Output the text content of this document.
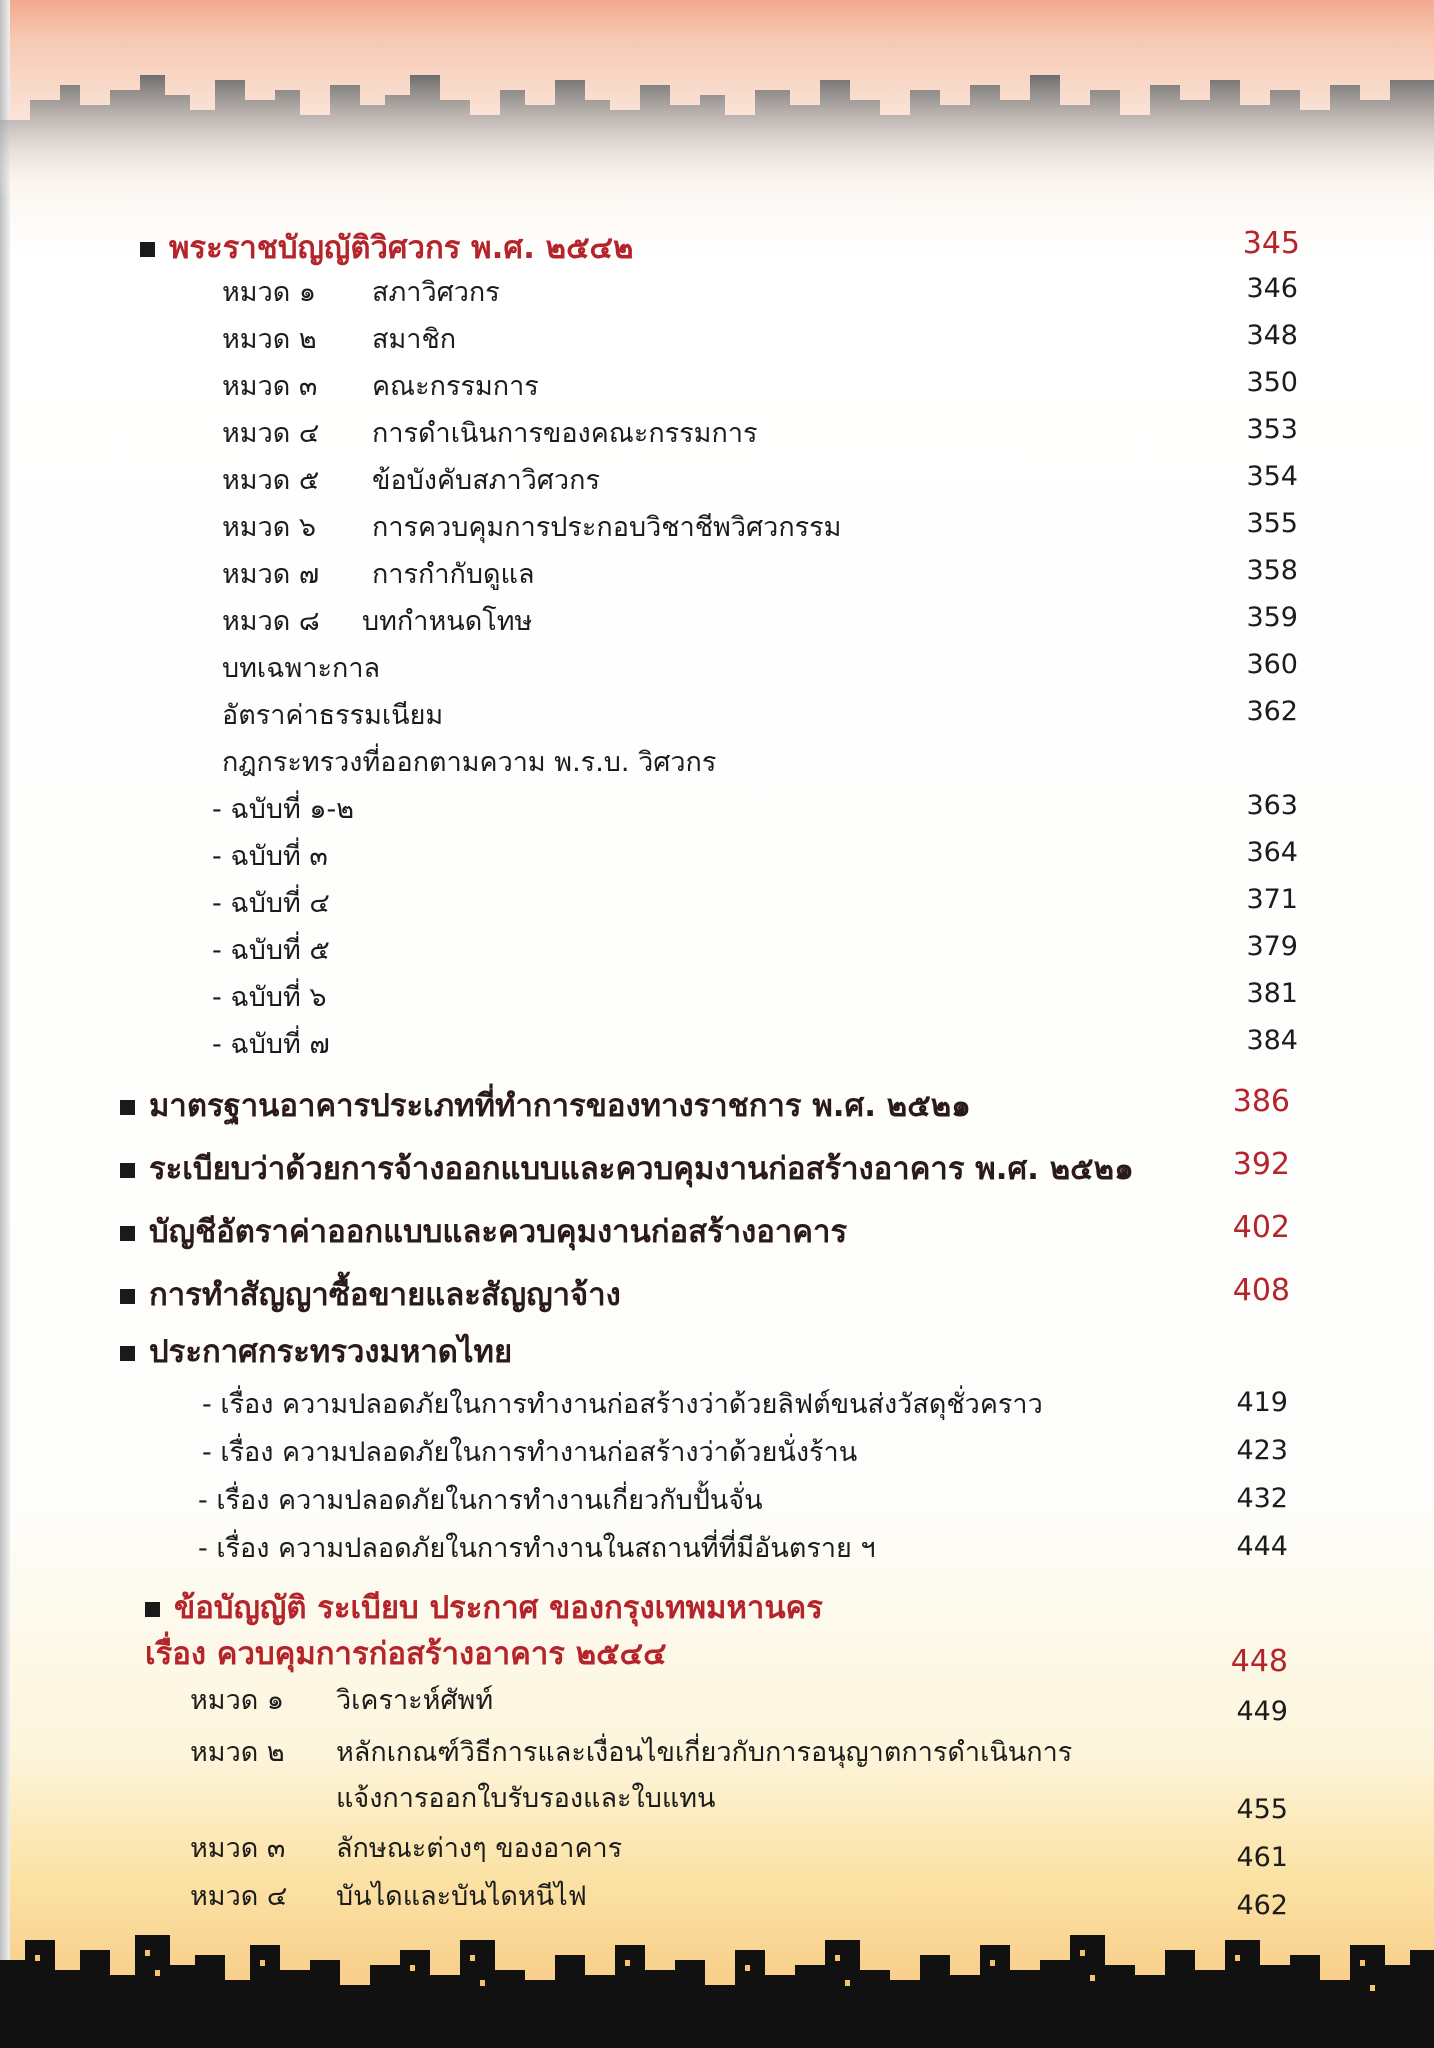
พระราชบัญญัติวิศวกร พ.ศ. ๒๕๔๒	345
หมวด ๑ สภาวิศวกร	346
หมวด ๒ สมาชิก	348
หมวด ๓ คณะกรรมการ	350
หมวด ๔ การดำเนินการของคณะกรรมการ	353
หมวด ๕ ข้อบังคับสภาวิศวกร	354
หมวด ๖ การควบคุมการประกอบวิชาชีพวิศวกรรม	355
หมวด ๗ การกำกับดูแล	358
หมวด ๘ บทกำหนดโทษ	359
บทเฉพาะกาล	360
อัตราค่าธรรมเนียม	362
กฎกระทรวงที่ออกตามความ พ.ร.บ. วิศวกร
- ฉบับที่ ๑-๒	363
- ฉบับที่ ๓	364
- ฉบับที่ ๔	371
- ฉบับที่ ๕	379
- ฉบับที่ ๖	381
- ฉบับที่ ๗	384
มาตรฐานอาคารประเภทที่ทำการของทางราชการ พ.ศ. ๒๕๒๑	386
ระเบียบว่าด้วยการจ้างออกแบบและควบคุมงานก่อสร้างอาคาร พ.ศ. ๒๕๒๑	392
บัญชีอัตราค่าออกแบบและควบคุมงานก่อสร้างอาคาร	402
การทำสัญญาซื้อขายและสัญญาจ้าง	408
ประกาศกระทรวงมหาดไทย
- เรื่อง ความปลอดภัยในการทำงานก่อสร้างว่าด้วยลิฟต์ขนส่งวัสดุชั่วคราว	419
- เรื่อง ความปลอดภัยในการทำงานก่อสร้างว่าด้วยนั่งร้าน	423
- เรื่อง ความปลอดภัยในการทำงานเกี่ยวกับปั้นจั่น	432
- เรื่อง ความปลอดภัยในการทำงานในสถานที่ที่มีอันตราย ฯ	444
ข้อบัญญัติ ระเบียบ ประกาศ ของกรุงเทพมหานคร
เรื่อง ควบคุมการก่อสร้างอาคาร ๒๕๔๔	448
หมวด ๑ วิเคราะห์ศัพท์	449
หมวด ๒ หลักเกณฑ์วิธีการและเงื่อนไขเกี่ยวกับการอนุญาตการดำเนินการ
แจ้งการออกใบรับรองและใบแทน	455
หมวด ๓ ลักษณะต่างๆ ของอาคาร	461
หมวด ๔ บันไดและบันไดหนีไฟ	462
